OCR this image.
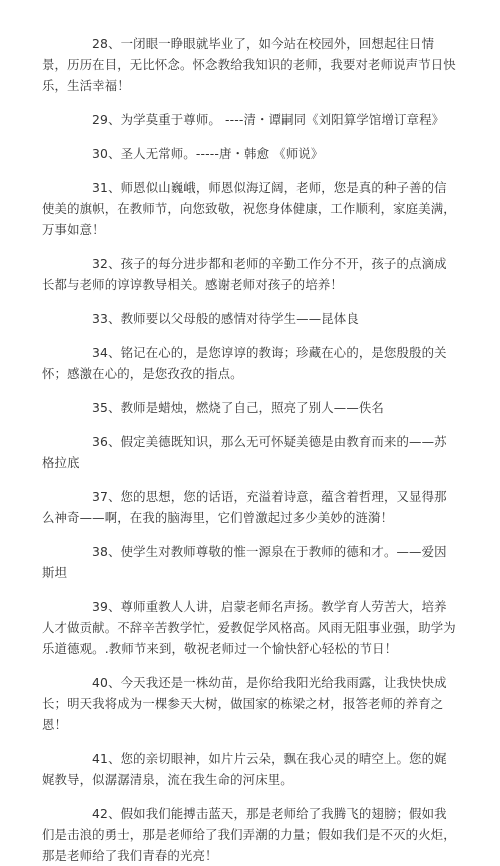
28、一闭眼一睁眼就毕业了，如今站在校园外，回想起往日情景，历历在目，无比怀念。怀念教给我知识的老师，我要对老师说声节日快乐，生活幸福！

29、为学莫重于尊师。 ----清・谭嗣同《刘阳算学馆增订章程》

30、圣人无常师。-----唐・韩愈 《师说》

31、师恩似山巍峨，师恩似海辽阔，老师，您是真的种子善的信使美的旗帜，在教师节，向您致敬，祝您身体健康，工作顺利，家庭美满，万事如意！

32、孩子的每分进步都和老师的辛勤工作分不开，孩子的点滴成长都与老师的谆谆教导相关。感谢老师对孩子的培养！

33、教师要以父母般的感情对待学生——昆体良

34、铭记在心的，是您谆谆的教诲；珍藏在心的，是您殷殷的关怀；感激在心的，是您孜孜的指点。

35、教师是蜡烛，燃烧了自己，照亮了别人——佚名

36、假定美德既知识，那么无可怀疑美德是由教育而来的——苏格拉底

37、您的思想，您的话语，充溢着诗意，蕴含着哲理，又显得那么神奇——啊，在我的脑海里，它们曾激起过多少美妙的涟漪！

38、使学生对教师尊敬的惟一源泉在于教师的德和才。——爱因斯坦

39、尊师重教人人讲，启蒙老师名声扬。教学育人劳苦大，培养人才做贡献。不辞辛苦教学忙，爱教促学风格高。风雨无阻事业强，助学为乐道德观。.教师节来到，敬祝老师过一个愉快舒心轻松的节日！

40、今天我还是一株幼苗，是你给我阳光给我雨露，让我快快成长；明天我将成为一棵参天大树，做国家的栋梁之材，报答老师的养育之恩！

41、您的亲切眼神，如片片云朵，飘在我心灵的晴空上。您的娓娓教导，似潺潺清泉，流在我生命的河床里。

42、假如我们能搏击蓝天，那是老师给了我腾飞的翅膀；假如我们是击浪的勇士，那是老师给了我们弄潮的力量；假如我们是不灭的火炬，那是老师给了我们青春的光亮！
